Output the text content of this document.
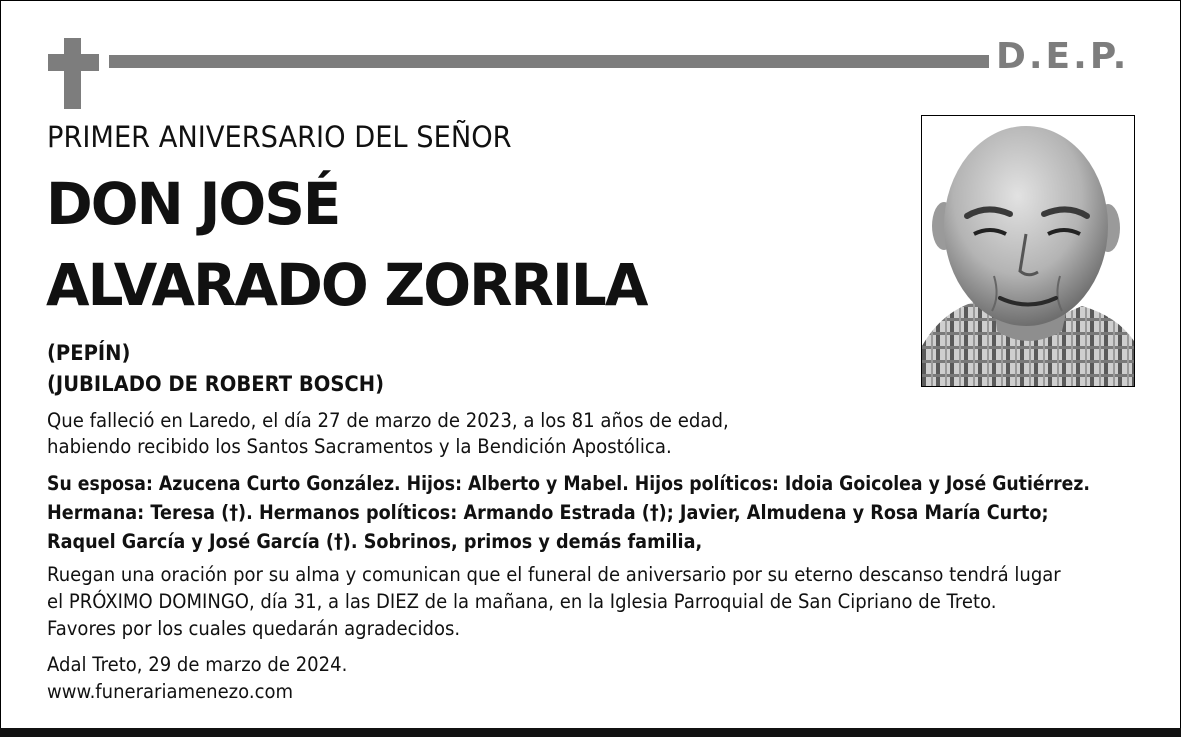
D.E.P.
PRIMER ANIVERSARIO DEL SEÑOR
DON JOSÉ
ALVARADO ZORRILA
(PEPÍN)
(JUBILADO DE ROBERT BOSCH)
Que falleció en Laredo, el día 27 de marzo de 2023, a los 81 años de edad,
habiendo recibido los Santos Sacramentos y la Bendición Apostólica.
Su esposa: Azucena Curto González. Hijos: Alberto y Mabel. Hijos políticos: Idoia Goicolea y José Gutiérrez.
Hermana: Teresa (†). Hermanos políticos: Armando Estrada (†); Javier, Almudena y Rosa María Curto;
Raquel García y José García (†). Sobrinos, primos y demás familia,
Ruegan una oración por su alma y comunican que el funeral de aniversario por su eterno descanso tendrá lugar
el PRÓXIMO DOMINGO, día 31, a las DIEZ de la mañana, en la Iglesia Parroquial de San Cipriano de Treto.
Favores por los cuales quedarán agradecidos.
Adal Treto, 29 de marzo de 2024.
www.funerariamenezo.com
